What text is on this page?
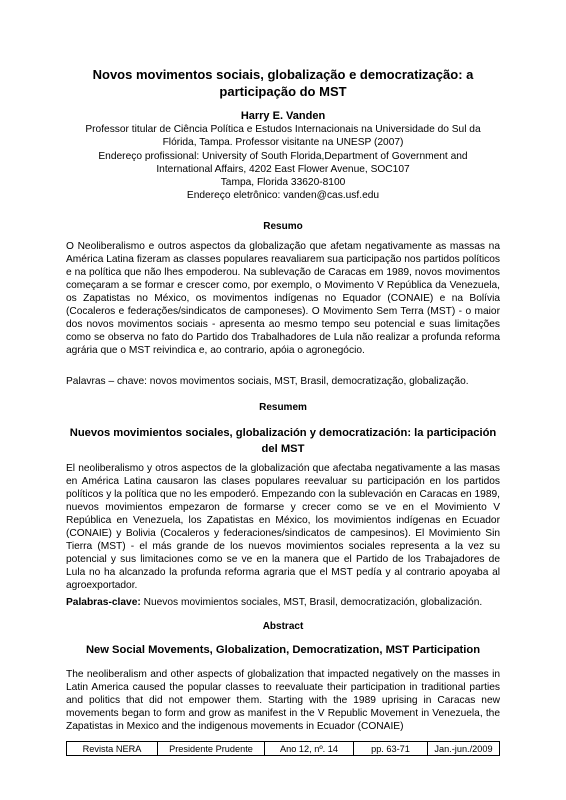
Novos movimentos sociais, globalização e democratização: a participação do MST
Harry E. Vanden
Professor titular de Ciência Política e Estudos Internacionais na Universidade do Sul da
Flórida, Tampa. Professor visitante na UNESP (2007)
Endereço profissional: University of South Florida,Department of Government and
International Affairs, 4202 East Flower Avenue, SOC107
Tampa, Florida 33620-8100
Endereço eletrônico: vanden@cas.usf.edu
Resumo
O Neoliberalismo e outros aspectos da globalização que afetam negativamente as massas na América Latina fizeram as classes populares reavaliarem sua participação nos partidos políticos e na política que não lhes empoderou. Na sublevação de Caracas em 1989, novos movimentos começaram a se formar e crescer como, por exemplo, o Movimento V República da Venezuela, os Zapatistas no México, os movimentos indígenas no Equador (CONAIE) e na Bolívia (Cocaleros e federações/sindicatos de camponeses). O Movimento Sem Terra (MST) - o maior dos novos movimentos sociais - apresenta ao mesmo tempo seu potencial e suas limitações como se observa no fato do Partido dos Trabalhadores de Lula não realizar a profunda reforma agrária que o MST reivindica e, ao contrario, apóia o agronegócio.
Palavras – chave: novos movimentos sociais, MST, Brasil, democratização, globalização.
Resumem
Nuevos movimientos sociales, globalización y democratización: la participación del MST
El neoliberalismo y otros aspectos de la globalización que afectaba negativamente a las masas en América Latina causaron las clases populares reevaluar su participación en los partidos políticos y la política que no les empoderó. Empezando con la sublevación en Caracas en 1989, nuevos movimientos empezaron de formarse y crecer como se ve en el Movimiento V República en Venezuela, los Zapatistas en México, los movimientos indígenas en Ecuador (CONAIE) y Bolivia (Cocaleros y federaciones/sindicatos de campesinos). El Movimiento Sin Tierra (MST) - el más grande de los nuevos movimientos sociales representa a la vez su potencial y sus limitaciones como se ve en la manera que el Partido de los Trabajadores de Lula no ha alcanzado la profunda reforma agraria que el MST pedía y al contrario apoyaba al agroexportador.
Palabras-clave: Nuevos movimientos sociales, MST, Brasil, democratización, globalización.
Abstract
New Social Movements, Globalization, Democratization, MST Participation
The neoliberalism and other aspects of globalization that impacted negatively on the masses in Latin America caused the popular classes to reevaluate their participation in traditional parties and politics that did not empower them. Starting with the 1989 uprising in Caracas new movements began to form and grow as manifest in the V Republic Movement in Venezuela, the Zapatistas in Mexico and the indigenous movements in Ecuador (CONAIE)
Revista NERA	Presidente Prudente	Ano 12, nº. 14	pp. 63-71	Jan.-jun./2009
